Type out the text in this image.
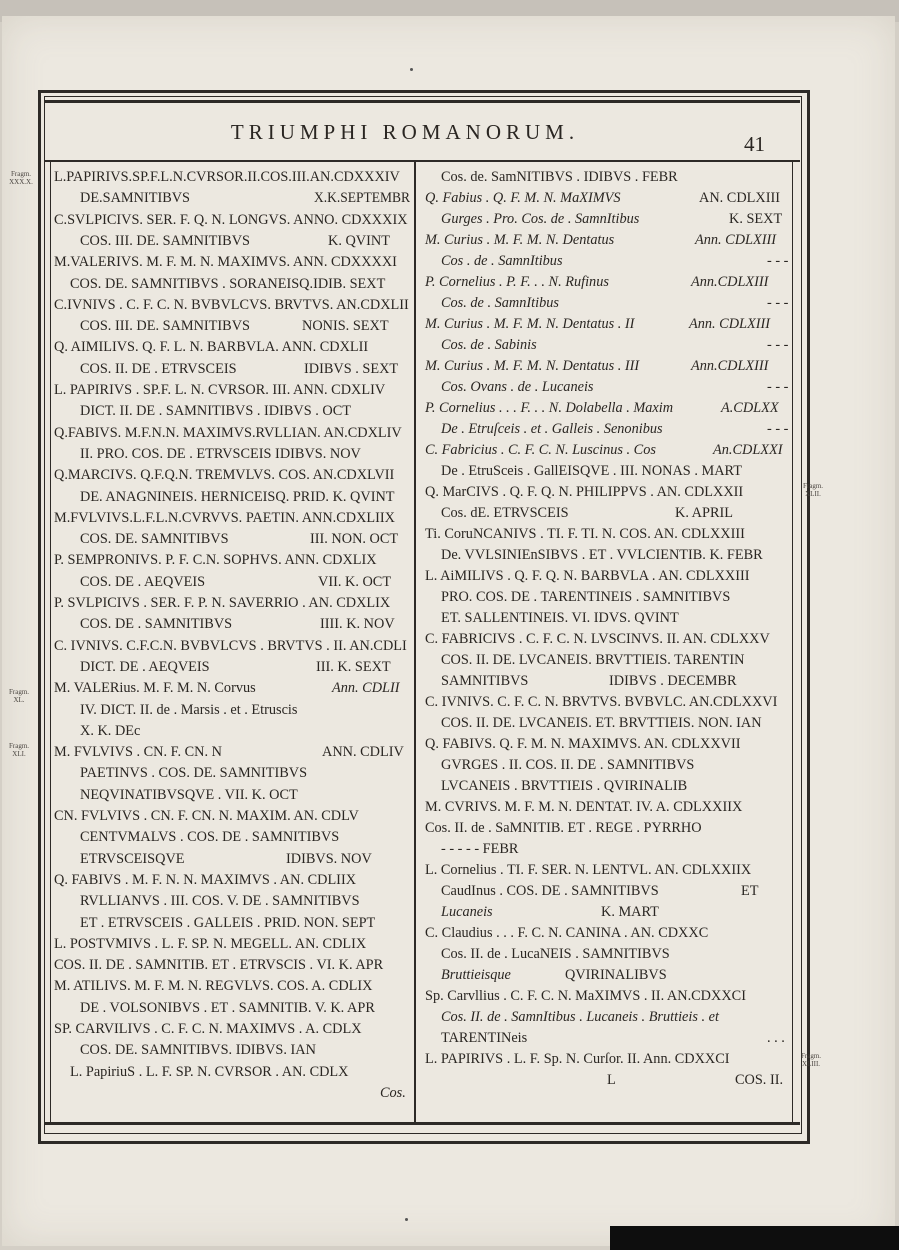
TRIUMPHI ROMANORUM.	41
L.PAPIRIVS.SP.F.L.N.CVRSOR.II.COS.III.AN.CDXXXIV
DE.SAMNITIBVS	X.K.SEPTEMBR
C.SVLPICIVS. SER. F. Q. N. LONGVS. ANNO. CDXXXIX
COS. III. DE. SAMNITIBVS	K. QVINT
M.VALERIVS. M. F. M. N. MAXIMVS. ANN. CDXXXXI
COS. DE. SAMNITIBVS . SORANEISQ.IDIB. SEXT
C.IVNIVS . C. F. C. N. BVBVLCVS. BRVTVS. AN.CDXLII
COS. III. DE. SAMNITIBVS	NONIS. SEXT
Q. AIMILIVS. Q. F. L. N. BARBVLA. ANN. CDXLII
COS. II. DE . ETRVSCEIS	IDIBVS . SEXT
L. PAPIRIVS . SP.F. L. N. CVRSOR. III. ANN. CDXLIV
DICT. II. DE . SAMNITIBVS . IDIBVS . OCT
Q.FABIVS. M.F.N.N. MAXIMVS.RVLLIAN. AN.CDXLIV
II. PRO. COS. DE . ETRVSCEIS IDIBVS. NOV
Q.MARCIVS. Q.F.Q.N. TREMVLVS. COS. AN.CDXLVII
DE. ANAGNINEIS. HERNICEISQ. PRID. K. QVINT
M.FVLVIVS.L.F.L.N.CVRVVS. PAETIN. ANN.CDXLIIX
COS. DE. SAMNITIBVS	III. NON. OCT
P. SEMPRONIVS. P. F. C.N. SOPHVS. ANN. CDXLIX
COS. DE . AEQVEIS	VII. K. OCT
P. SVLPICIVS . SER. F. P. N. SAVERRIO . AN. CDXLIX
COS. DE . SAMNITIBVS	IIII. K. NOV
C. IVNIVS. C.F.C.N. BVBVLCVS . BRVTVS . II. AN.CDLI
DICT. DE . AEQVEIS	III. K. SEXT
M. VALERius. M. F. M. N. Corvus	Ann. CDLII
IV. DICT. II. de . Marsis . et . Etruscis
X. K. DEc
M. FVLVIVS . CN. F. CN. N	ANN. CDLIV
PAETINVS . COS. DE. SAMNITIBVS
NEQVINATIBVSQVE . VII. K. OCT
CN. FVLVIVS . CN. F. CN. N. MAXIM. AN. CDLV
CENTVMALVS . COS. DE . SAMNITIBVS
ETRVSCEISQVE	IDIBVS. NOV
Q. FABIVS . M. F. N. N. MAXIMVS . AN. CDLIIX
RVLLIANVS . III. COS. V. DE . SAMNITIBVS
ET . ETRVSCEIS . GALLEIS . PRID. NON. SEPT
L. POSTVMIVS . L. F. SP. N. MEGELL. AN. CDLIX
COS. II. DE . SAMNITIB. ET . ETRVSCIS . VI. K. APR
M. ATILIVS. M. F. M. N. REGVLVS. COS. A. CDLIX
DE . VOLSONIBVS . ET . SAMNITIB. V. K. APR
SP. CARVILIVS . C. F. C. N. MAXIMVS . A. CDLX
COS. DE. SAMNITIBVS. IDIBVS. IAN
L. PapiriuS . L. F. SP. N. CVRSOR . AN. CDLX
Cos.
Cos. de. SamNITIBVS . IDIBVS . FEBR
Q. Fabius . Q. F. M. N. MaXIMVS	AN. CDLXIII
Gurges . Pro. Cos. de . SamnItibus	K. SEXT
M. Curius . M. F. M. N. Dentatus	Ann. CDLXIII
Cos . de . SamnItibus	- - -
P. Cornelius . P. F. . . N. Rufinus	Ann.CDLXIII
Cos. de . SamnItibus	- - -
M. Curius . M. F. M. N. Dentatus . II	Ann. CDLXIII
Cos. de . Sabinis	- - -
M. Curius . M. F. M. N. Dentatus . III	Ann.CDLXIII
Cos. Ovans . de . Lucaneis	- - -
P. Cornelius . . . F. . . N. Dolabella . Maxim	A.CDLXX
De . Etruſceis . et . Galleis . Senonibus	- - -
C. Fabricius . C. F. C. N. Luscinus . Cos	An.CDLXXI
De . EtruSceis . GallEISQVE . III. NONAS . MART
Q. MarCIVS . Q. F. Q. N. PHILIPPVS . AN. CDLXXII
Cos. dE. ETRVSCEIS	K. APRIL
Ti. CoruNCANIVS . TI. F. TI. N. COS. AN. CDLXXIII
De. VVLSINIEnSIBVS . ET . VVLCIENTIB. K. FEBR
L. AiMILIVS . Q. F. Q. N. BARBVLA . AN. CDLXXIII
PRO. COS. DE . TARENTINEIS . SAMNITIBVS
ET. SALLENTINEIS. VI. IDVS. QVINT
C. FABRICIVS . C. F. C. N. LVSCINVS. II. AN. CDLXXV
COS. II. DE. LVCANEIS. BRVTTIEIS. TARENTIN
SAMNITIBVS	IDIBVS . DECEMBR
C. IVNIVS. C. F. C. N. BRVTVS. BVBVLC. AN.CDLXXVI
COS. II. DE. LVCANEIS. ET. BRVTTIEIS. NON. IAN
Q. FABIVS. Q. F. M. N. MAXIMVS. AN. CDLXXVII
GVRGES . II. COS. II. DE . SAMNITIBVS
LVCANEIS . BRVTTIEIS . QVIRINALIB
M. CVRIVS. M. F. M. N. DENTAT. IV. A. CDLXXIIX
Cos. II. de . SaMNITIB. ET . REGE . PYRRHO
- - - - - FEBR
L. Cornelius . TI. F. SER. N. LENTVL. AN. CDLXXIIX
CaudInus . COS. DE . SAMNITIBVS	ET
Lucaneis	K. MART
C. Claudius . . . F. C. N. CANINA . AN. CDXXC
Cos. II. de . LucaNEIS . SAMNITIBVS
Bruttieisque	QVIRINALIBVS
Sp. Carvllius . C. F. C. N. MaXIMVS . II. AN.CDXXCI
Cos. II. de . SamnItibus . Lucaneis . Bruttieis . et
TARENTINeis	. . .
L. PAPIRIVS . L. F. Sp. N. Curſor. II. Ann. CDXXCI
L	COS. II.
Fragm. XXX.X.
Fragm. XL.
Fragm. XLI.
Fragm. XLII.
Fragm. XLIII.
